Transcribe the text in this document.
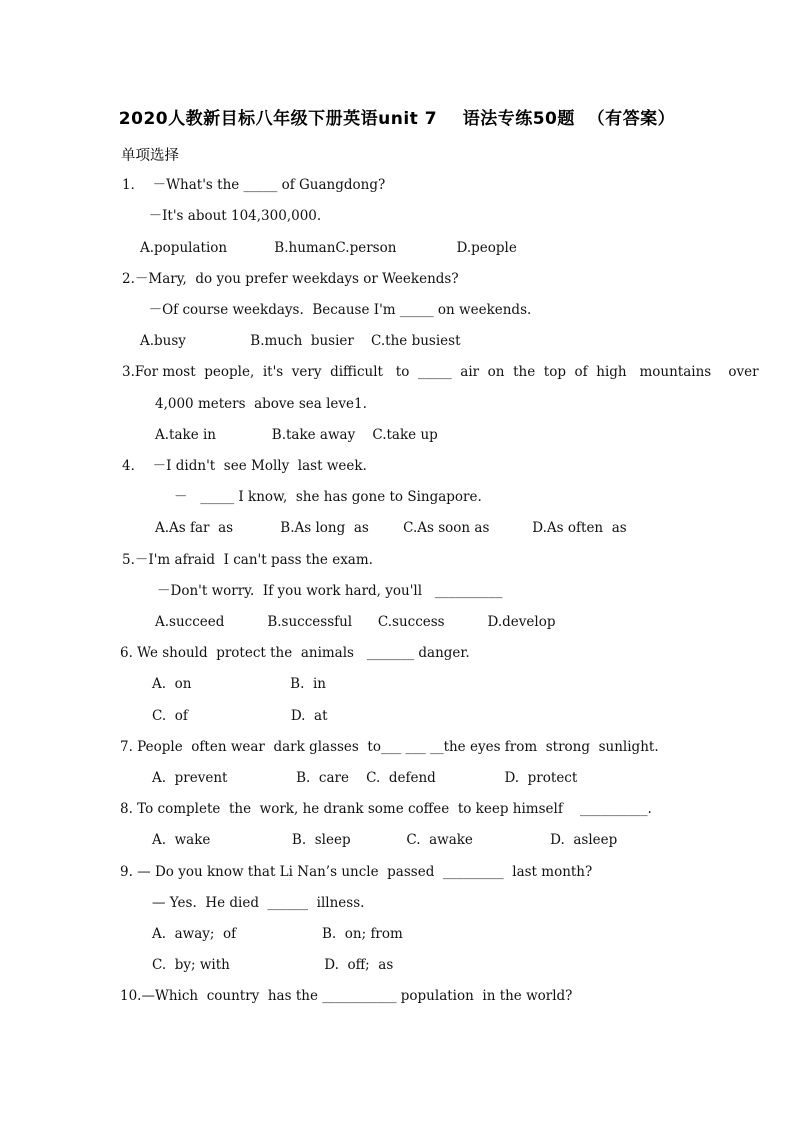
2020人教新目标八年级下册英语unit 7    语法专练50题  （有答案）
单项选择
1．  －What's the _____ of Guangdong?
－It's about 104,300,000.
A.population           B.humanC.person              D.people
2.－Mary,  do you prefer weekdays or Weekends?
－Of course weekdays.  Because I'm _____ on weekends.
A.busy               B.much  busier    C.the busiest
3.For most  people,  it's  very  difficult   to  _____  air  on  the  top  of  high   mountains    over
4,000 meters  above sea leve1.
A.take in             B.take away    C.take up
4．  －I didn't  see Molly  last week.
－   _____ I know,  she has gone to Singapore.
A.As far  as           B.As long  as        C.As soon as          D.As often  as
5.－I'm afraid  I can't pass the exam.
－Don't worry.  If you work hard, you'll   __________
A.succeed          B.successful      C.success          D.develop
6. We should  protect the  animals   _______ danger.
A.  on                       B.  in
C.  of                        D.  at
7. People  often wear  dark glasses  to___ ___ __the eyes from  strong  sunlight.
A.  prevent                B.  care    C.  defend                D.  protect
8. To complete  the  work, he drank some coffee  to keep himself    __________.
A.  wake                   B.  sleep             C.  awake                  D.  asleep
9. — Do you know that Li Nan’s uncle  passed  _________  last month?
— Yes.  He died  ______  illness.
A.  away;  of                    B.  on; from
C.  by; with                      D.  off;  as
10.—Which  country  has the ___________ population  in the world?
